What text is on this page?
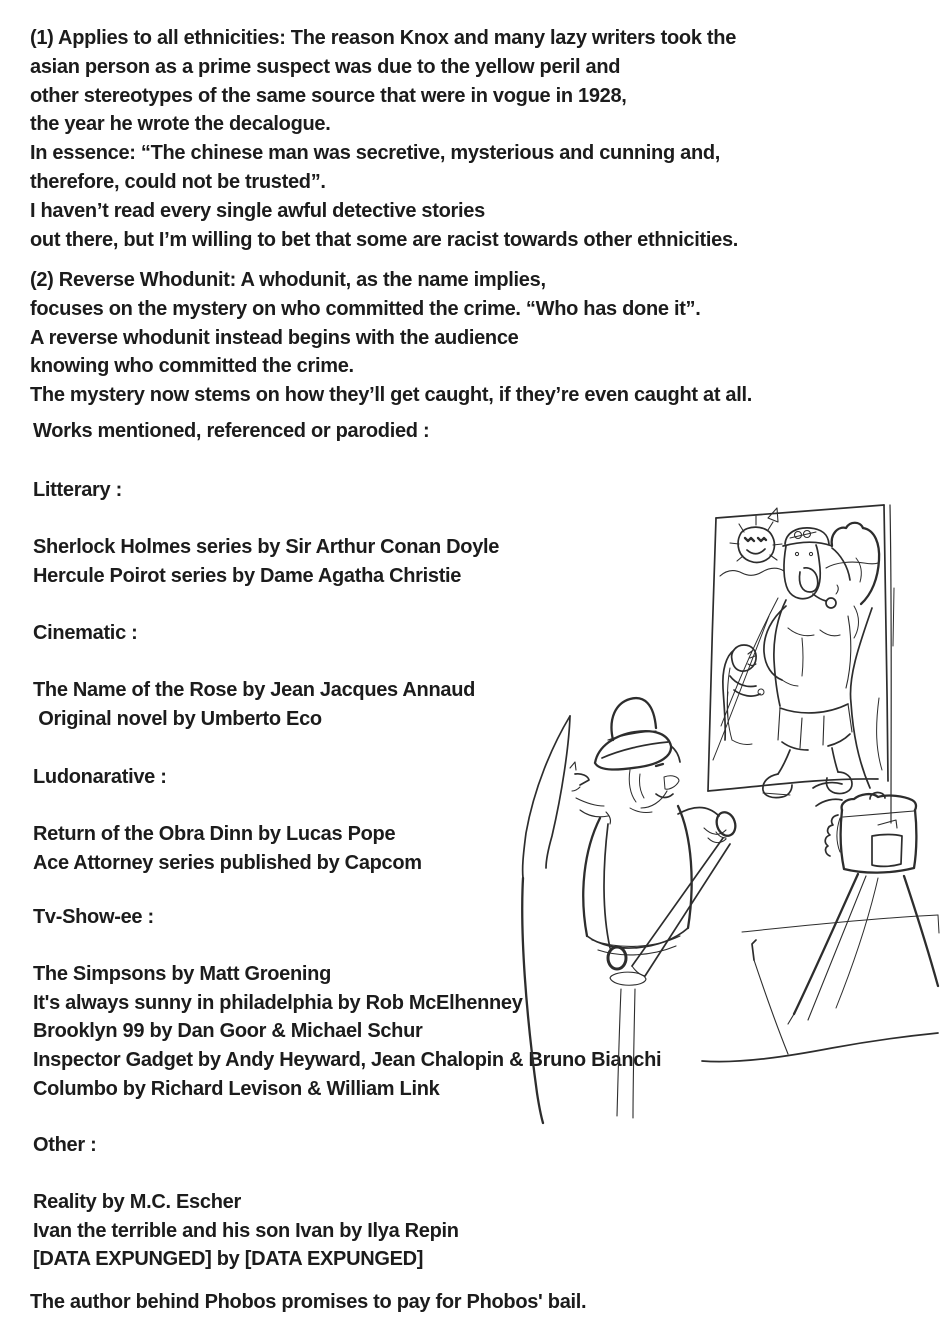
(1) Applies to all ethnicities: The reason Knox and many lazy writers took the
asian person as a prime suspect was due to the yellow peril and
other stereotypes of the same source that were in vogue in 1928,
the year he wrote the decalogue.
In essence: “The chinese man was secretive, mysterious and cunning and,
therefore, could not be trusted”.
I haven’t read every single awful detective stories
out there, but I’m willing to bet that some are racist towards other ethnicities.
(2) Reverse Whodunit: A whodunit, as the name implies,
focuses on the mystery on who committed the crime. “Who has done it”.
A reverse whodunit instead begins with the audience
knowing who committed the crime.
The mystery now stems on how they’ll get caught, if they’re even caught at all.
Works mentioned, referenced or parodied :
Litterary :
Sherlock Holmes series by Sir Arthur Conan Doyle
Hercule Poirot series by Dame Agatha Christie
Cinematic :
The Name of the Rose by Jean Jacques Annaud
Original novel by Umberto Eco
Ludonarative :
Return of the Obra Dinn by Lucas Pope
Ace Attorney series published by Capcom
Tv-Show-ee :
The Simpsons by Matt Groening
It's always sunny in philadelphia by Rob McElhenney
Brooklyn 99 by Dan Goor & Michael Schur
Inspector Gadget by Andy Heyward, Jean Chalopin & Bruno Bianchi
Columbo by Richard Levison & William Link
Other :
Reality by M.C. Escher
Ivan the terrible and his son Ivan by Ilya Repin
[DATA EXPUNGED] by [DATA EXPUNGED]
The author behind Phobos promises to pay for Phobos' bail.
